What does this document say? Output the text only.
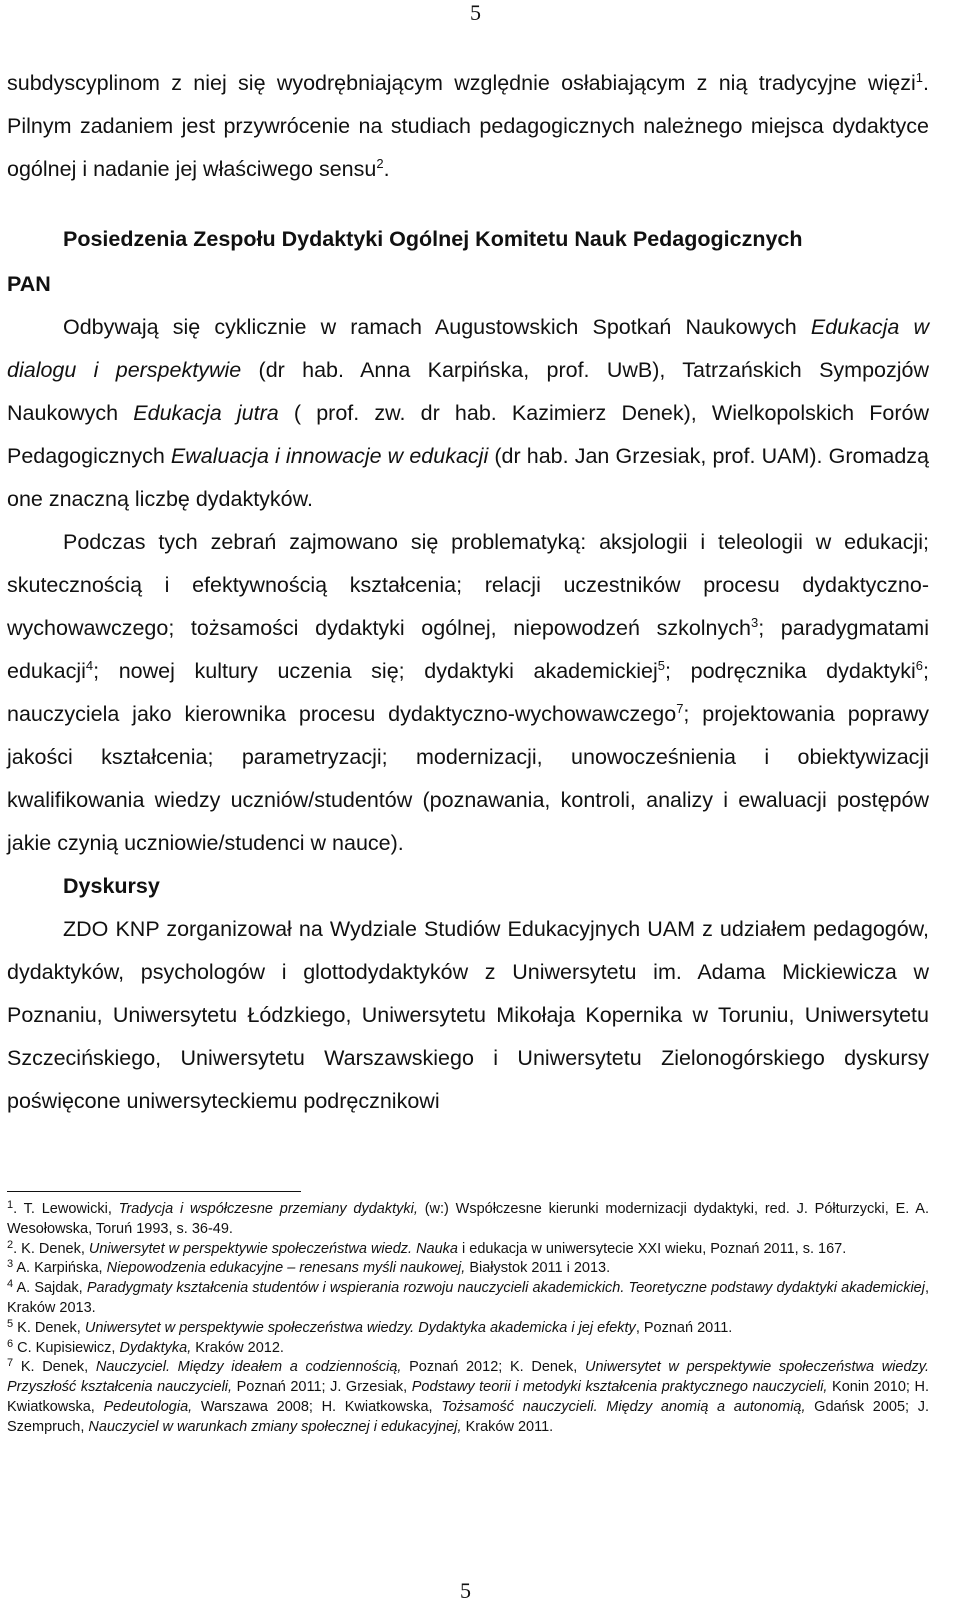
5

subdyscyplinom z niej się wyodrębniającym względnie osłabiającym z nią tradycyjne więzi$^1$. Pilnym zadaniem jest przywrócenie na studiach pedagogicznych należnego miejsca dydaktyce ogólnej i nadanie jej właściwego sensu$^2$.

Posiedzenia Zespołu Dydaktyki Ogólnej Komitetu Nauk Pedagogicznych
PAN

Odbywają się cyklicznie w ramach Augustowskich Spotkań Naukowych Edukacja w dialogu i perspektywie (dr hab. Anna Karpińska, prof. UwB), Tatrzańskich Sympozjów Naukowych Edukacja jutra ( prof. zw. dr hab. Kazimierz Denek), Wielkopolskich Forów Pedagogicznych Ewaluacja i innowacje w edukacji (dr hab. Jan Grzesiak, prof. UAM). Gromadzą one znaczną liczbę dydaktyków.

Podczas tych zebrań zajmowano się problematyką: aksjologii i teleologii w edukacji; skutecznością i efektywnością kształcenia; relacji uczestników procesu dydaktyczno-wychowawczego; tożsamości dydaktyki ogólnej, niepowodzeń szkolnych$^3$; paradygmatami edukacji$^4$; nowej kultury uczenia się; dydaktyki akademickiej$^5$; podręcznika dydaktyki$^6$; nauczyciela jako kierownika procesu dydaktyczno-wychowawczego$^7$; projektowania poprawy jakości kształcenia; parametryzacji; modernizacji, unowocześnienia i obiektywizacji kwalifikowania wiedzy uczniów/studentów (poznawania, kontroli, analizy i ewaluacji postępów jakie czynią uczniowie/studenci w nauce).

Dyskursy

ZDO KNP zorganizował na Wydziale Studiów Edukacyjnych UAM z udziałem pedagogów, dydaktyków, psychologów i glottodydaktyków z Uniwersytetu im. Adama Mickiewicza w Poznaniu, Uniwersytetu Łódzkiego, Uniwersytetu Mikołaja Kopernika w Toruniu, Uniwersytetu Szczecińskiego, Uniwersytetu Warszawskiego i Uniwersytetu Zielonogórskiego dyskursy poświęcone uniwersyteckiemu podręcznikowi

$^1$. T. Lewowicki, Tradycja i współczesne przemiany dydaktyki, (w:) Współczesne kierunki modernizacji dydaktyki, red. J. Półturzycki, E. A. Wesołowska, Toruń 1993, s. 36-49.
$^2$. K. Denek, Uniwersytet w perspektywie społeczeństwa wiedz. Nauka i edukacja w uniwersytecie XXI wieku, Poznań 2011, s. 167.
$^3$ A. Karpińska, Niepowodzenia edukacyjne – renesans myśli naukowej, Białystok 2011 i 2013.
$^4$ A. Sajdak, Paradygmaty kształcenia studentów i wspierania rozwoju nauczycieli akademickich. Teoretyczne podstawy dydaktyki akademickiej, Kraków 2013.
$^5$ K. Denek, Uniwersytet w perspektywie społeczeństwa wiedzy. Dydaktyka akademicka i jej efekty, Poznań 2011.
$^6$ C. Kupisiewicz, Dydaktyka, Kraków 2012.
$^7$ K. Denek, Nauczyciel. Między ideałem a codziennością, Poznań 2012; K. Denek, Uniwersytet w perspektywie społeczeństwa wiedzy. Przyszłość kształcenia nauczycieli, Poznań 2011; J. Grzesiak, Podstawy teorii i metodyki kształcenia praktycznego nauczycieli, Konin 2010; H. Kwiatkowska, Pedeutologia, Warszawa 2008; H. Kwiatkowska, Tożsamość nauczycieli. Między anomią a autonomią, Gdańsk 2005; J. Szempruch, Nauczyciel w warunkach zmiany społecznej i edukacyjnej, Kraków 2011.
5
